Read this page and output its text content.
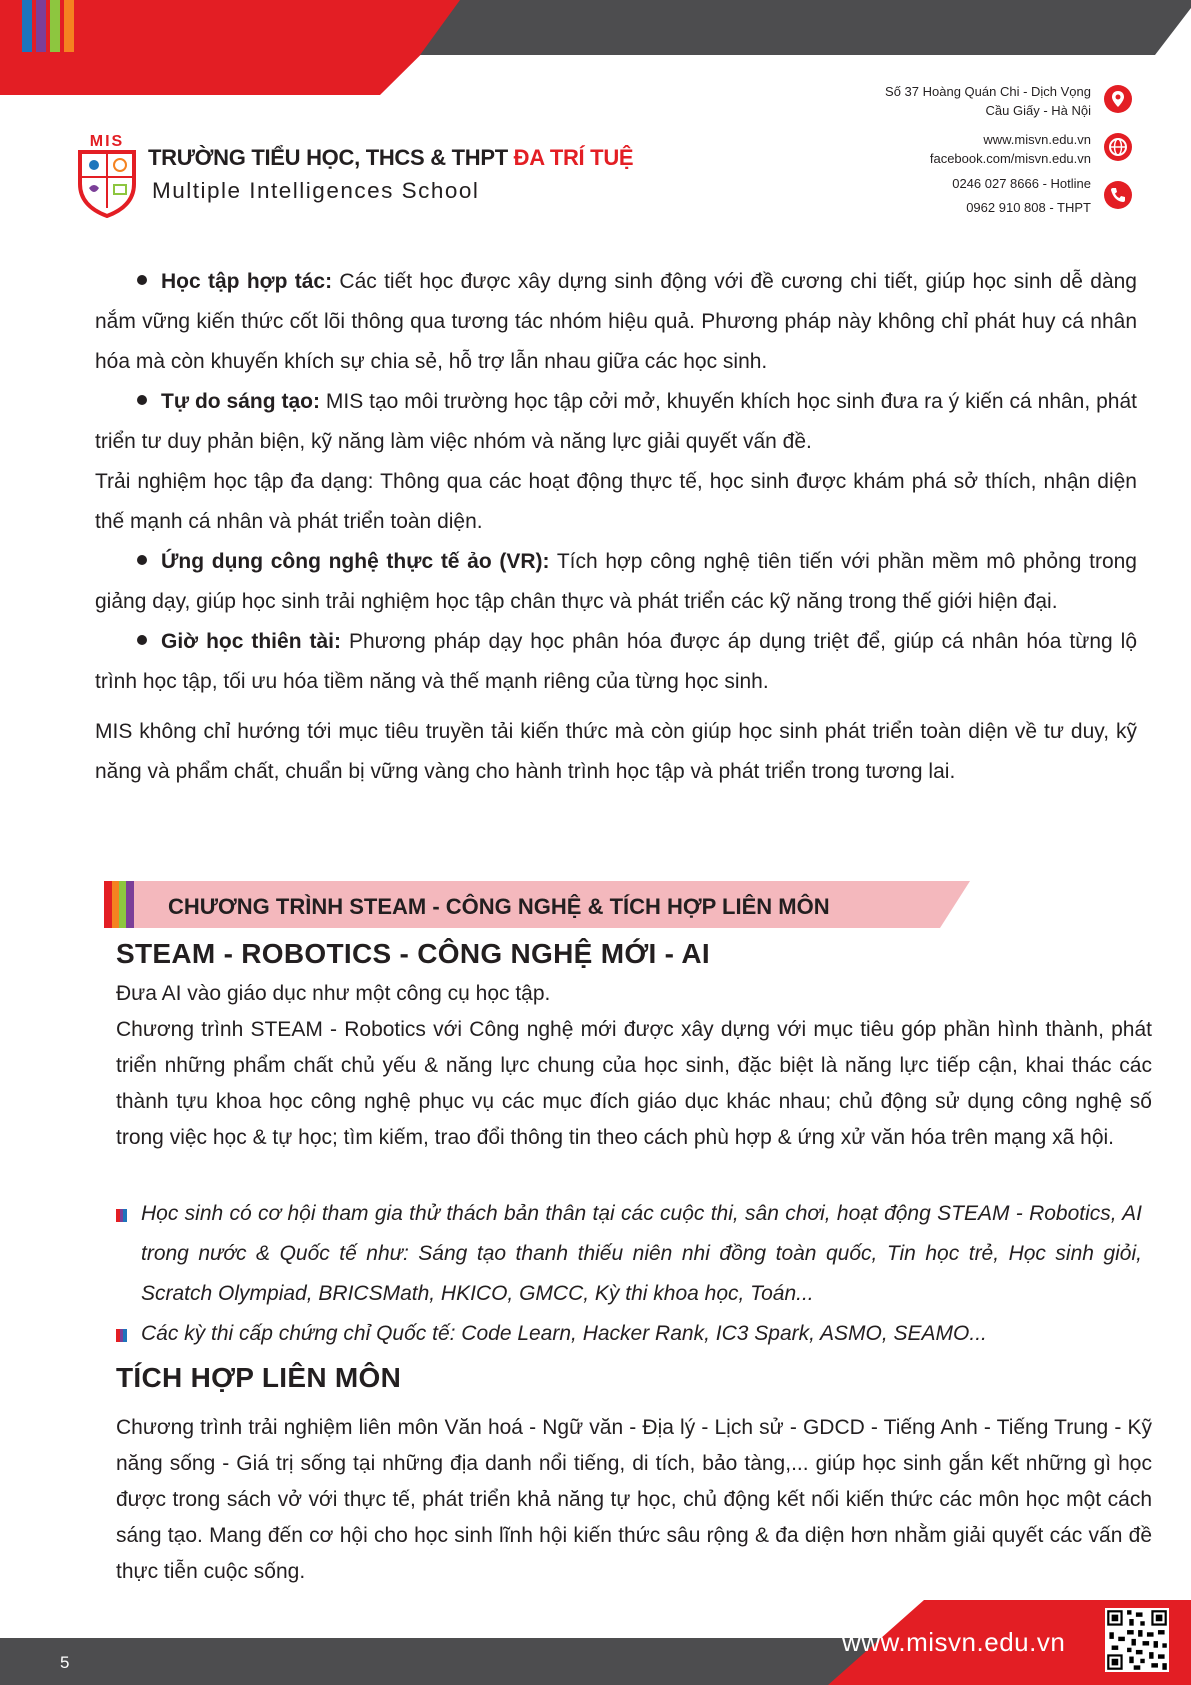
MIS
TRƯỜNG TIỂU HỌC, THCS & THPT ĐA TRÍ TUỆ
Multiple Intelligences School
Số 37 Hoàng Quán Chi - Dịch Vọng
Cầu Giấy - Hà Nội
www.misvn.edu.vn
facebook.com/misvn.edu.vn
0246 027 8666 - Hotline
0962 910 808 - THPT

Học tập hợp tác: Các tiết học được xây dựng sinh động với đề cương chi tiết, giúp học sinh dễ dàng nắm vững kiến thức cốt lõi thông qua tương tác nhóm hiệu quả. Phương pháp này không chỉ phát huy cá nhân hóa mà còn khuyến khích sự chia sẻ, hỗ trợ lẫn nhau giữa các học sinh.

Tự do sáng tạo: MIS tạo môi trường học tập cởi mở, khuyến khích học sinh đưa ra ý kiến cá nhân, phát triển tư duy phản biện, kỹ năng làm việc nhóm và năng lực giải quyết vấn đề.

Trải nghiệm học tập đa dạng: Thông qua các hoạt động thực tế, học sinh được khám phá sở thích, nhận diện thế mạnh cá nhân và phát triển toàn diện.

Ứng dụng công nghệ thực tế ảo (VR): Tích hợp công nghệ tiên tiến với phần mềm mô phỏng trong giảng dạy, giúp học sinh trải nghiệm học tập chân thực và phát triển các kỹ năng trong thế giới hiện đại.

Giờ học thiên tài: Phương pháp dạy học phân hóa được áp dụng triệt để, giúp cá nhân hóa từng lộ trình học tập, tối ưu hóa tiềm năng và thế mạnh riêng của từng học sinh.

MIS không chỉ hướng tới mục tiêu truyền tải kiến thức mà còn giúp học sinh phát triển toàn diện về tư duy, kỹ năng và phẩm chất, chuẩn bị vững vàng cho hành trình học tập và phát triển trong tương lai.

CHƯƠNG TRÌNH STEAM - CÔNG NGHỆ & TÍCH HỢP LIÊN MÔN
STEAM - ROBOTICS - CÔNG NGHỆ MỚI - AI

Đưa AI vào giáo dục như một công cụ học tập.

Chương trình STEAM - Robotics với Công nghệ mới được xây dựng với mục tiêu góp phần hình thành, phát triển những phẩm chất chủ yếu & năng lực chung của học sinh, đặc biệt là năng lực tiếp cận, khai thác các thành tựu khoa học công nghệ phục vụ các mục đích giáo dục khác nhau; chủ động sử dụng công nghệ số trong việc học & tự học; tìm kiếm, trao đổi thông tin theo cách phù hợp & ứng xử văn hóa trên mạng xã hội.

Học sinh có cơ hội tham gia thử thách bản thân tại các cuộc thi, sân chơi, hoạt động STEAM - Robotics, AI trong nước & Quốc tế như: Sáng tạo thanh thiếu niên nhi đồng toàn quốc, Tin học trẻ, Học sinh giỏi, Scratch Olympiad, BRICSMath, HKICO, GMCC, Kỳ thi khoa học, Toán...
Các kỳ thi cấp chứng chỉ Quốc tế: Code Learn, Hacker Rank, IC3 Spark, ASMO, SEAMO...
TÍCH HỢP LIÊN MÔN

Chương trình trải nghiệm liên môn Văn hoá - Ngữ văn - Địa lý - Lịch sử - GDCD - Tiếng Anh - Tiếng Trung - Kỹ năng sống - Giá trị sống tại những địa danh nổi tiếng, di tích, bảo tàng,... giúp học sinh gắn kết những gì học được trong sách vở với thực tế, phát triển khả năng tự học, chủ động kết nối kiến thức các môn học một cách sáng tạo. Mang đến cơ hội cho học sinh lĩnh hội kiến thức sâu rộng & đa diện hơn nhằm giải quyết các vấn đề thực tiễn cuộc sống.

5
www.misvn.edu.vn
